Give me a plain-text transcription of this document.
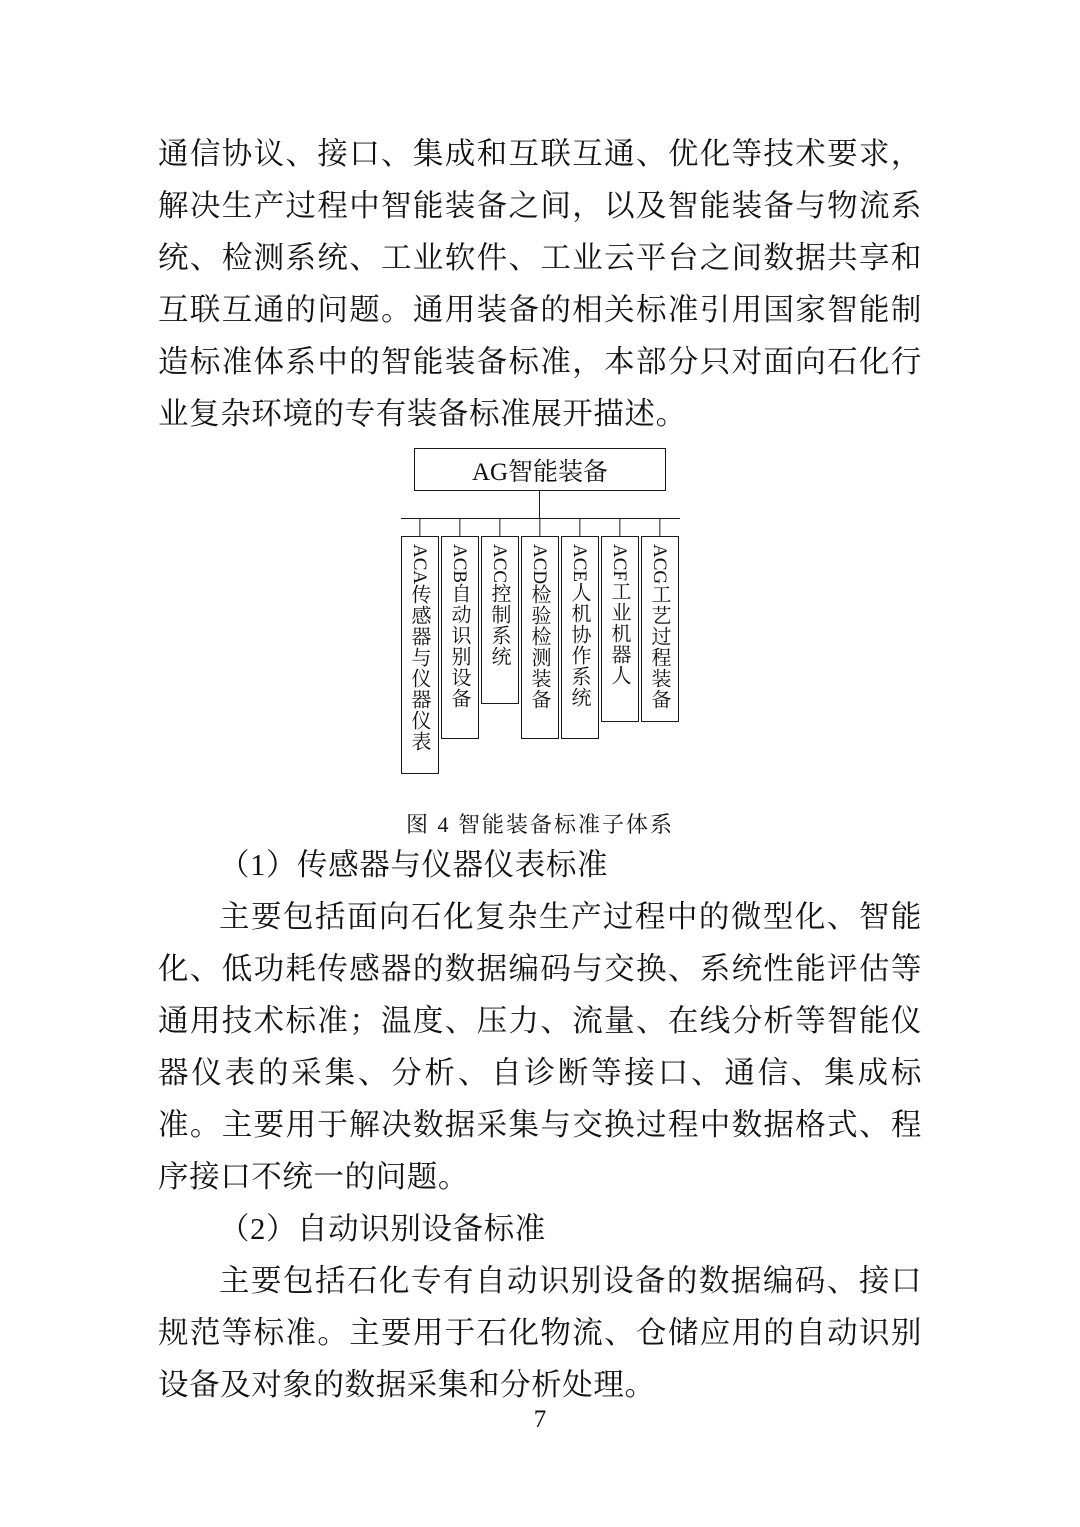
通信协议、接口、集成和互联互通、优化等技术要求，解决生产过程中智能装备之间，以及智能装备与物流系统、检测系统、工业软件、工业云平台之间数据共享和互联互通的问题。通用装备的相关标准引用国家智能制造标准体系中的智能装备标准，本部分只对面向石化行业复杂环境的专有装备标准展开描述。

AG智能装备
ACA传感器与仪器仪表
ACB自动识别设备
ACC控制系统
ACD检验检测装备
ACE人机协作系统
ACF工业机器人
ACG工艺过程装备
图 4 智能装备标准子体系

（1）传感器与仪器仪表标准

主要包括面向石化复杂生产过程中的微型化、智能化、低功耗传感器的数据编码与交换、系统性能评估等通用技术标准；温度、压力、流量、在线分析等智能仪器仪表的采集、分析、自诊断等接口、通信、集成标准。主要用于解决数据采集与交换过程中数据格式、程序接口不统一的问题。

（2）自动识别设备标准

主要包括石化专有自动识别设备的数据编码、接口规范等标准。主要用于石化物流、仓储应用的自动识别设备及对象的数据采集和分析处理。

7
